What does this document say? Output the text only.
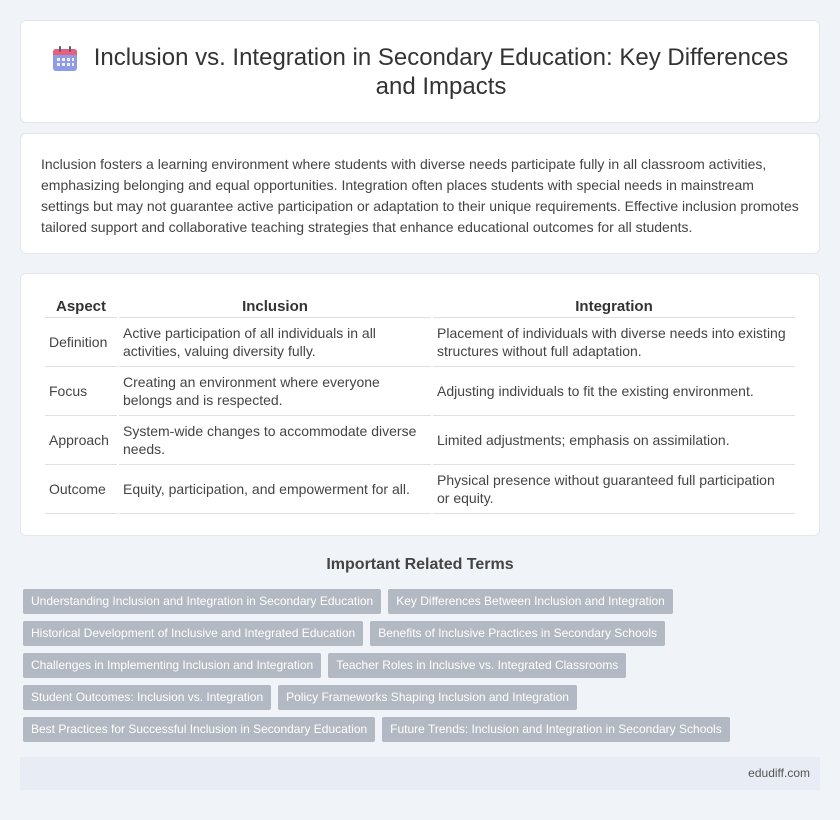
Inclusion vs. Integration in Secondary Education: Key Differences and Impacts

Inclusion fosters a learning environment where students with diverse needs participate fully in all classroom activities, emphasizing belonging and equal opportunities. Integration often places students with special needs in mainstream settings but may not guarantee active participation or adaptation to their unique requirements. Effective inclusion promotes tailored support and collaborative teaching strategies that enhance educational outcomes for all students.

Aspect	Inclusion	Integration
Definition	Active participation of all individuals in all activities, valuing diversity fully.	Placement of individuals with diverse needs into existing structures without full adaptation.
Focus	Creating an environment where everyone belongs and is respected.	Adjusting individuals to fit the existing environment.
Approach	System-wide changes to accommodate diverse needs.	Limited adjustments; emphasis on assimilation.
Outcome	Equity, participation, and empowerment for all.	Physical presence without guaranteed full participation or equity.
Important Related Terms
Understanding Inclusion and Integration in Secondary Education	Key Differences Between Inclusion and Integration
Historical Development of Inclusive and Integrated Education	Benefits of Inclusive Practices in Secondary Schools
Challenges in Implementing Inclusion and Integration	Teacher Roles in Inclusive vs. Integrated Classrooms
Student Outcomes: Inclusion vs. Integration	Policy Frameworks Shaping Inclusion and Integration
Best Practices for Successful Inclusion in Secondary Education	Future Trends: Inclusion and Integration in Secondary Schools
edudiff.com
